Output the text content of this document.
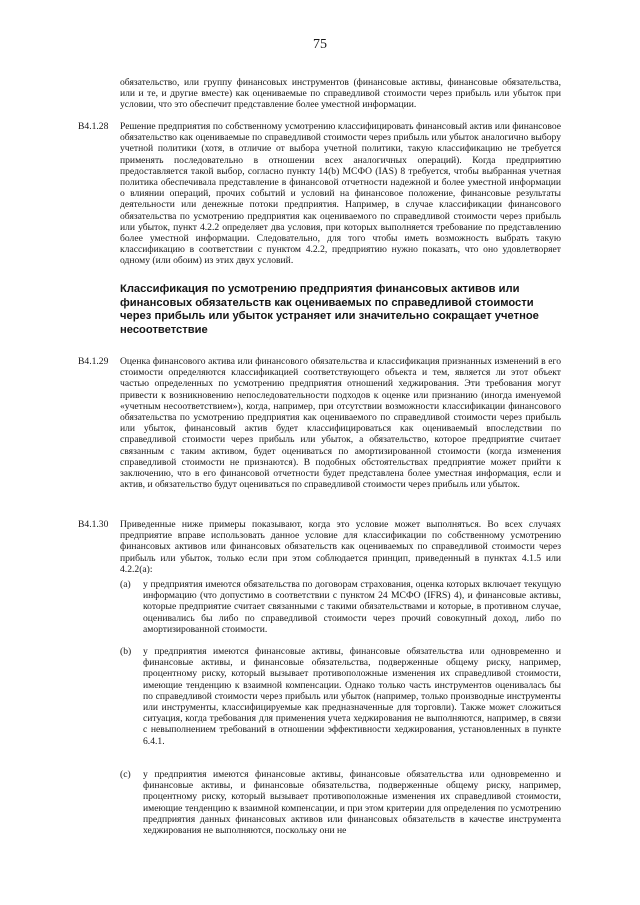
75

обязательство, или группу финансовых инструментов (финансовые активы, финансовые обязательства, или и те, и другие вместе) как оцениваемые по справедливой стоимости через прибыль или убыток при условии, что это обеспечит представление более уместной информации.

B4.1.28 Решение предприятия по собственному усмотрению классифицировать финансовый актив или финансовое обязательство как оцениваемые по справедливой стоимости через прибыль или убыток аналогично выбору учетной политики (хотя, в отличие от выбора учетной политики, такую классификацию не требуется применять последовательно в отношении всех аналогичных операций). Когда предприятию предоставляется такой выбор, согласно пункту 14(b) МСФО (IAS) 8 требуется, чтобы выбранная учетная политика обеспечивала представление в финансовой отчетности надежной и более уместной информации о влиянии операций, прочих событий и условий на финансовое положение, финансовые результаты деятельности или денежные потоки предприятия. Например, в случае классификации финансового обязательства по усмотрению предприятия как оцениваемого по справедливой стоимости через прибыль или убыток, пункт 4.2.2 определяет два условия, при которых выполняется требование по представлению более уместной информации. Следовательно, для того чтобы иметь возможность выбрать такую классификацию в соответствии с пунктом 4.2.2, предприятию нужно показать, что оно удовлетворяет одному (или обоим) из этих двух условий.

Классификация по усмотрению предприятия финансовых активов или финансовых обязательств как оцениваемых по справедливой стоимости через прибыль или убыток устраняет или значительно сокращает учетное несоответствие

B4.1.29 Оценка финансового актива или финансового обязательства и классификация признанных изменений в его стоимости определяются классификацией соответствующего объекта и тем, является ли этот объект частью определенных по усмотрению предприятия отношений хеджирования. Эти требования могут привести к возникновению непоследовательности подходов к оценке или признанию (иногда именуемой «учетным несоответствием»), когда, например, при отсутствии возможности классификации финансового обязательства по усмотрению предприятия как оцениваемого по справедливой стоимости через прибыль или убыток, финансовый актив будет классифицироваться как оцениваемый впоследствии по справедливой стоимости через прибыль или убыток, а обязательство, которое предприятие считает связанным с таким активом, будет оцениваться по амортизированной стоимости (когда изменения справедливой стоимости не признаются). В подобных обстоятельствах предприятие может прийти к заключению, что в его финансовой отчетности будет представлена более уместная информация, если и актив, и обязательство будут оцениваться по справедливой стоимости через прибыль или убыток.

B4.1.30 Приведенные ниже примеры показывают, когда это условие может выполняться. Во всех случаях предприятие вправе использовать данное условие для классификации по собственному усмотрению финансовых активов или финансовых обязательств как оцениваемых по справедливой стоимости через прибыль или убыток, только если при этом соблюдается принцип, приведенный в пунктах 4.1.5 или 4.2.2(a):

(a) у предприятия имеются обязательства по договорам страхования, оценка которых включает текущую информацию (что допустимо в соответствии с пунктом 24 МСФО (IFRS) 4), и финансовые активы, которые предприятие считает связанными с такими обязательствами и которые, в противном случае, оценивались бы либо по справедливой стоимости через прочий совокупный доход, либо по амортизированной стоимости.

(b) у предприятия имеются финансовые активы, финансовые обязательства или одновременно и финансовые активы, и финансовые обязательства, подверженные общему риску, например, процентному риску, который вызывает противоположные изменения их справедливой стоимости, имеющие тенденцию к взаимной компенсации. Однако только часть инструментов оценивалась бы по справедливой стоимости через прибыль или убыток (например, только производные инструменты или инструменты, классифицируемые как предназначенные для торговли). Также может сложиться ситуация, когда требования для применения учета хеджирования не выполняются, например, в связи с невыполнением требований в отношении эффективности хеджирования, установленных в пункте 6.4.1.

(c) у предприятия имеются финансовые активы, финансовые обязательства или одновременно и финансовые активы, и финансовые обязательства, подверженные общему риску, например, процентному риску, который вызывает противоположные изменения их справедливой стоимости, имеющие тенденцию к взаимной компенсации, и при этом критерии для определения по усмотрению предприятия данных финансовых активов или финансовых обязательств в качестве инструмента хеджирования не выполняются, поскольку они не
